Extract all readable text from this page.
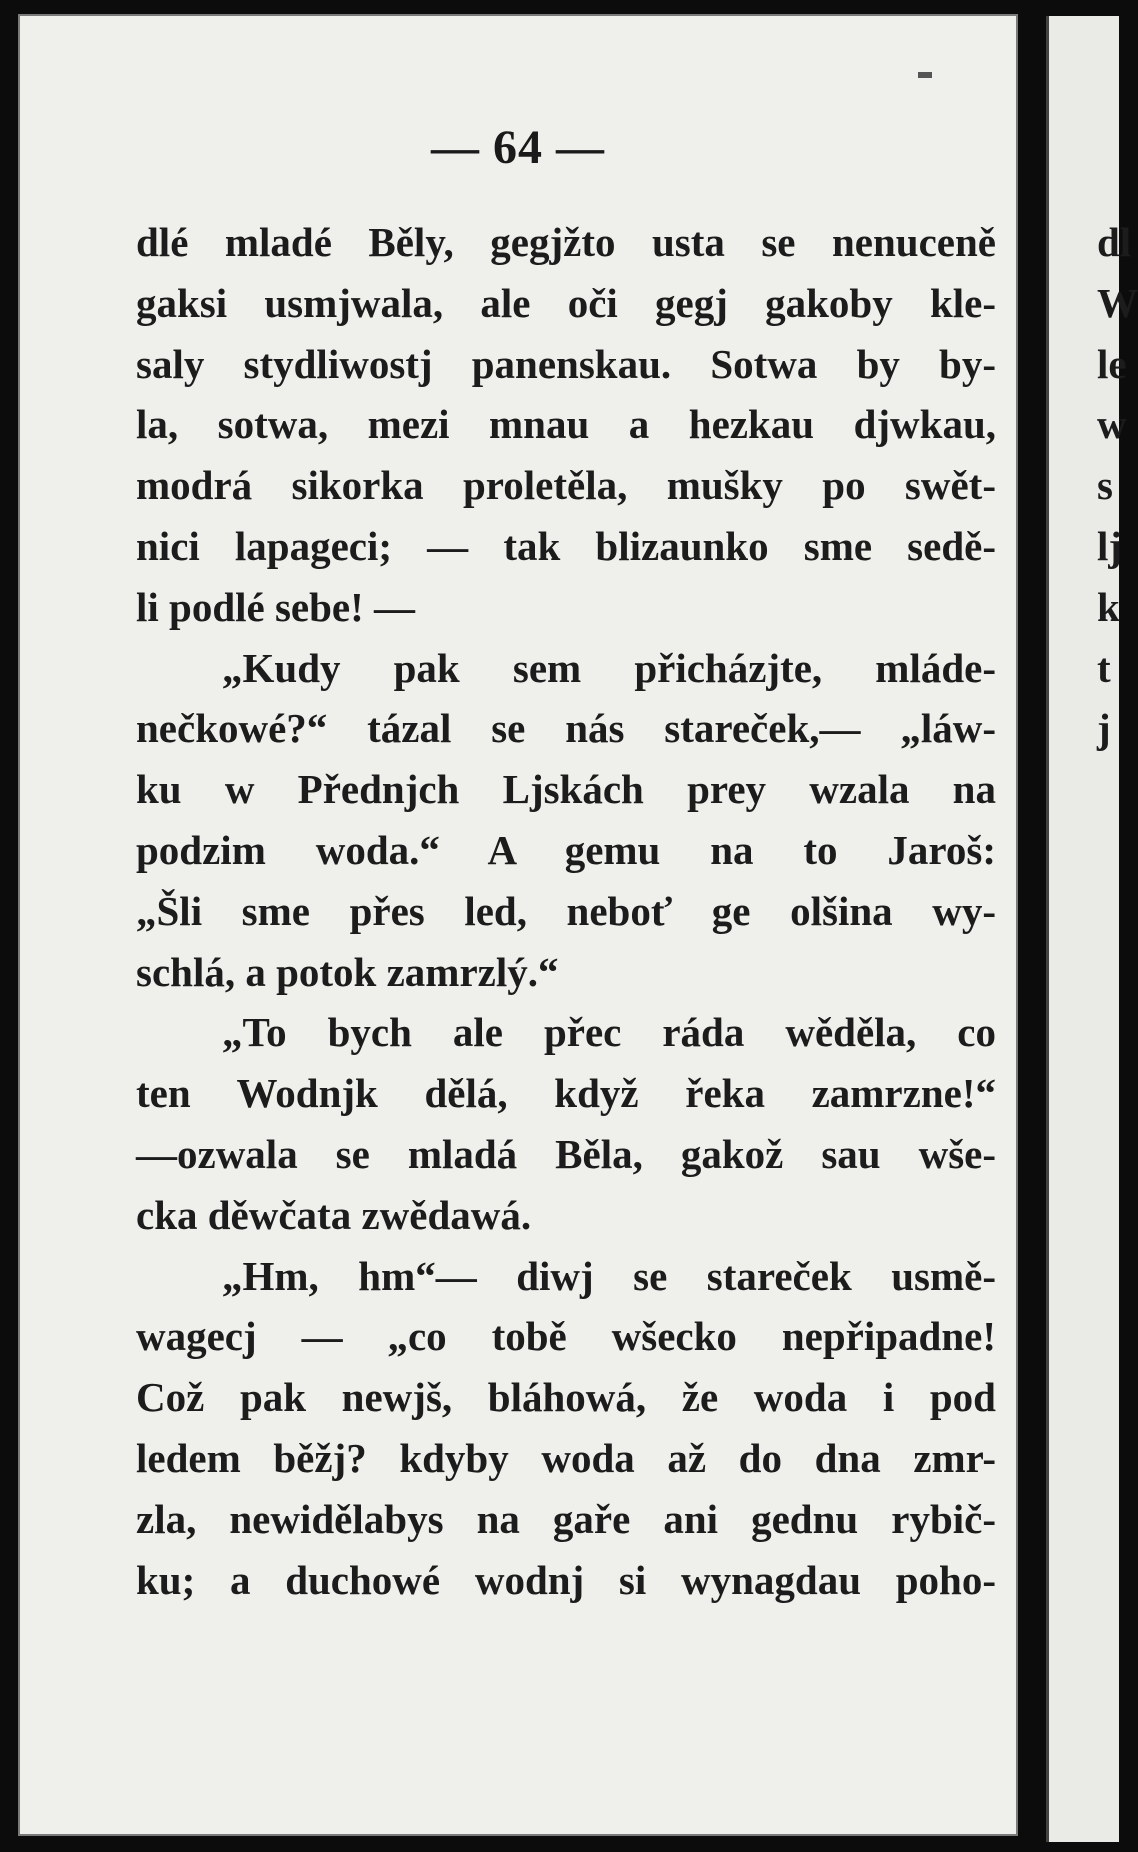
— 64 —
dlé mladé Běly, gegjžto usta se nenuceně
gaksi usmjwala, ale oči gegj gakoby kle-
saly stydliwostj panenskau. Sotwa by by-
la, sotwa, mezi mnau a hezkau djwkau,
modrá sikorka proletěla, mušky po swět-
nici lapageci; — tak blizaunko sme sedě-
li podlé sebe! —
„Kudy pak sem přicházjte, mláde-
nečkowé?“ tázal se nás stareček,— „láw-
ku w Přednjch Ljskách prey wzala na
podzim woda.“ A gemu na to Jaroš:
„Šli sme přes led, neboť ge olšina wy-
schlá, a potok zamrzlý.“
„To bych ale přec ráda wěděla, co
ten Wodnjk dělá, když řeka zamrzne!“
—ozwala se mladá Běla, gakož sau wše-
cka děwčata zwědawá.
„Hm, hm“— diwj se stareček usmě-
wagecj — „co tobě wšecko nepřipadne!
Což pak newjš, bláhowá, že woda i pod
ledem běžj? kdyby woda až do dna zmr-
zla, newidělabys na gaře ani gednu rybič-
ku; a duchowé wodnj si wynagdau poho-
dl
W
le
w
s
lj
k
t
j
